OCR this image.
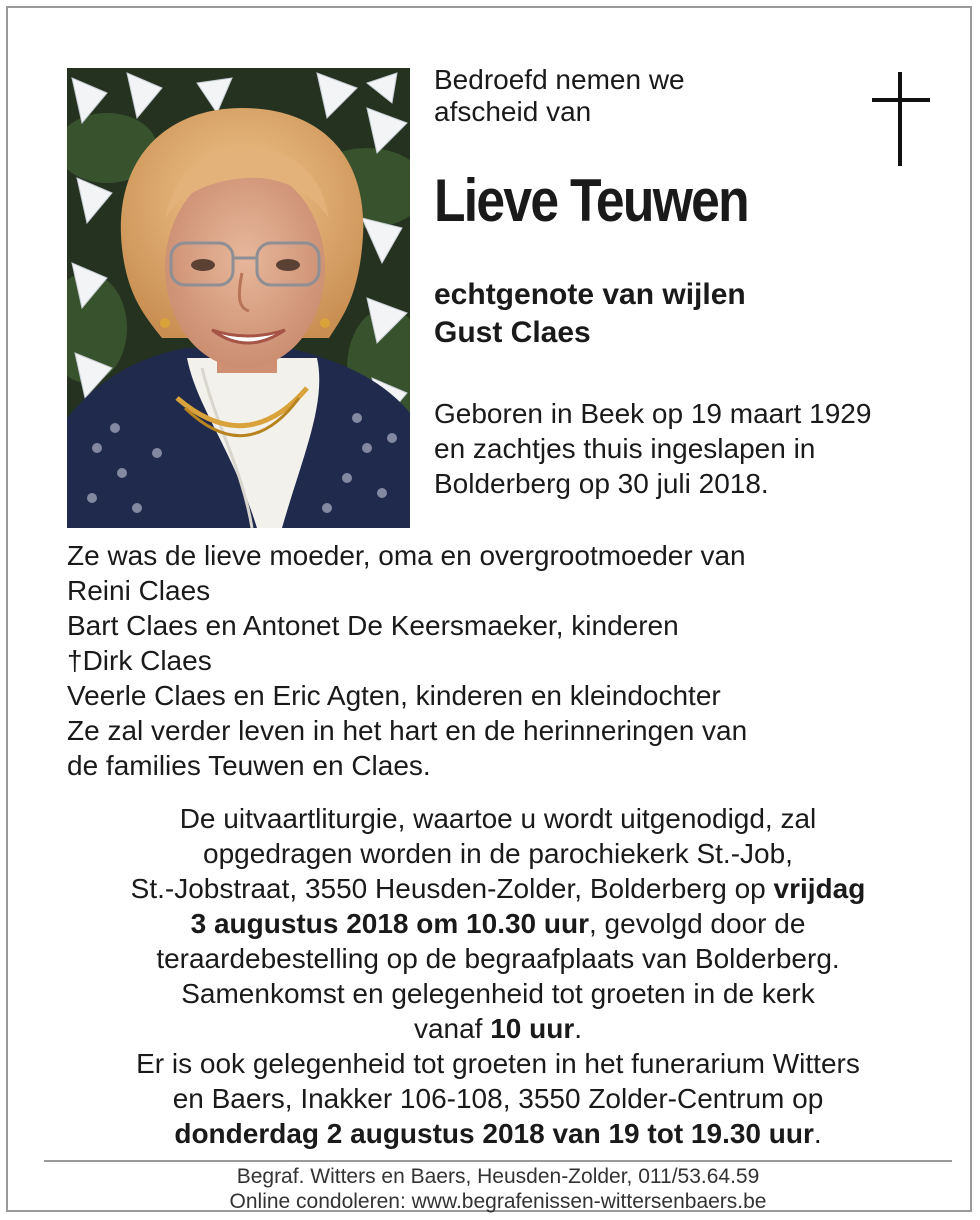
Bedroefd nemen we
afscheid van
Lieve Teuwen
echtgenote van wijlen
Gust Claes
Geboren in Beek op 19 maart 1929
en zachtjes thuis ingeslapen in
Bolderberg op 30 juli 2018.
Ze was de lieve moeder, oma en overgrootmoeder van
Reini Claes
Bart Claes en Antonet De Keersmaeker, kinderen
†Dirk Claes
Veerle Claes en Eric Agten, kinderen en kleindochter
Ze zal verder leven in het hart en de herinneringen van
de families Teuwen en Claes.
De uitvaartliturgie, waartoe u wordt uitgenodigd, zal
opgedragen worden in de parochiekerk St.-Job,
St.-Jobstraat, 3550 Heusden-Zolder, Bolderberg op vrijdag
3 augustus 2018 om 10.30 uur, gevolgd door de
teraardebestelling op de begraafplaats van Bolderberg.
Samenkomst en gelegenheid tot groeten in de kerk
vanaf 10 uur.
Er is ook gelegenheid tot groeten in het funerarium Witters
en Baers, Inakker 106-108, 3550 Zolder-Centrum op
donderdag 2 augustus 2018 van 19 tot 19.30 uur.
Begraf. Witters en Baers, Heusden-Zolder, 011/53.64.59
Online condoleren: www.begrafenissen-wittersenbaers.be
